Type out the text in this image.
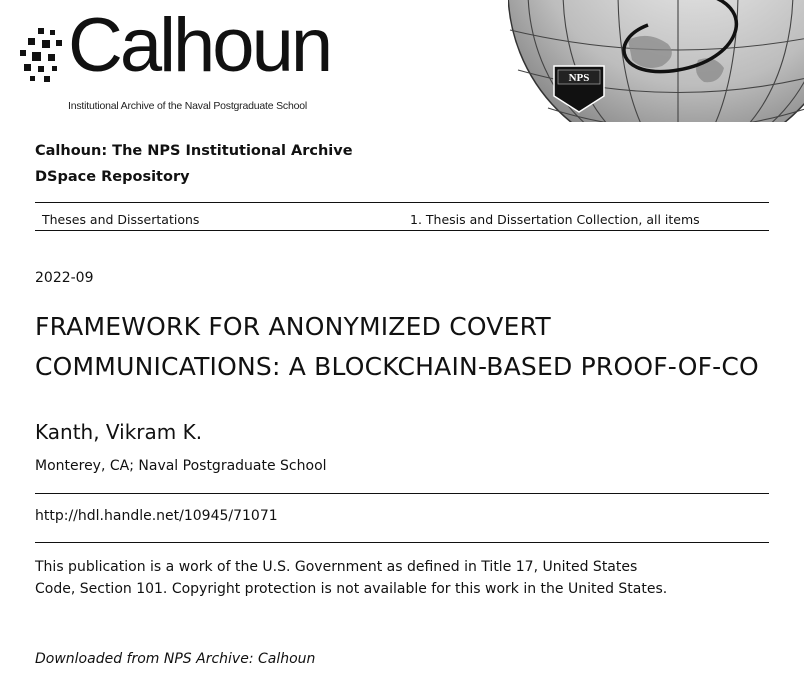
Calhoun
Institutional Archive of the Naval Postgraduate School
NPS
Calhoun: The NPS Institutional Archive
DSpace Repository
Theses and Dissertations	1. Thesis and Dissertation Collection, all items
2022-09
FRAMEWORK FOR ANONYMIZED COVERT
COMMUNICATIONS: A BLOCKCHAIN-BASED PROOF-OF-CO
Kanth, Vikram K.
Monterey, CA; Naval Postgraduate School
http://hdl.handle.net/10945/71071
This publication is a work of the U.S. Government as defined in Title 17, United States Code, Section 101. Copyright protection is not available for this work in the United States.
Downloaded from NPS Archive: Calhoun
